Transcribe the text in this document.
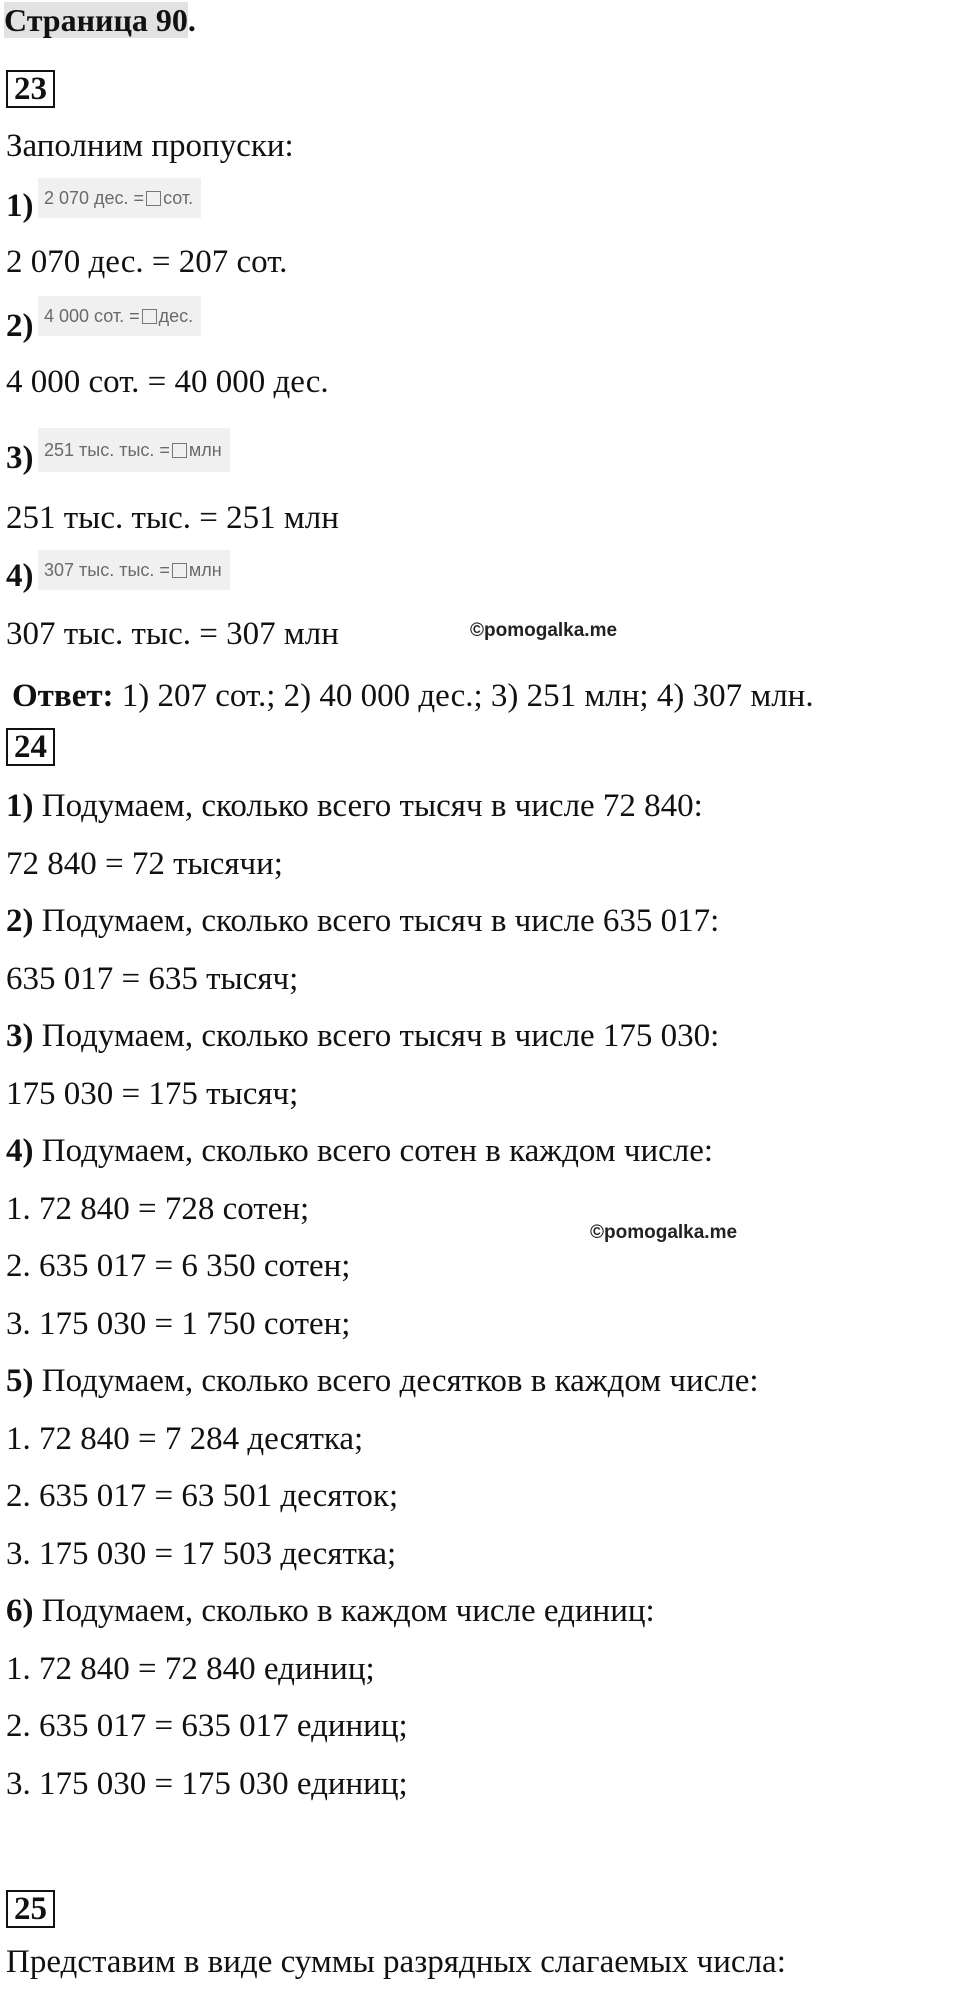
Страница 90.
23
Заполним пропуски:
1) 2 070 дес. = сот.
2 070 дес. = 207 сот.
2) 4 000 сот. = дес.
4 000 сот. = 40 000 дес.
3) 251 тыс. тыс. = млн
251 тыс. тыс. = 251 млн
4) 307 тыс. тыс. = млн
307 тыс. тыс. = 307 млн	©pomogalka.me
Ответ: 1) 207 сот.; 2) 40 000 дес.; 3) 251 млн; 4) 307 млн.
24
1) Подумаем, сколько всего тысяч в числе 72 840:
72 840 = 72 тысячи;
2) Подумаем, сколько всего тысяч в числе 635 017:
635 017 = 635 тысяч;
3) Подумаем, сколько всего тысяч в числе 175 030:
175 030 = 175 тысяч;
4) Подумаем, сколько всего сотен в каждом числе:
1. 72 840 = 728 сотен;
2. 635 017 = 6 350 сотен;
3. 175 030 = 1 750 сотен;
5) Подумаем, сколько всего десятков в каждом числе:
1. 72 840 = 7 284 десятка;
2. 635 017 = 63 501 десяток;
3. 175 030 = 17 503 десятка;
6) Подумаем, сколько в каждом числе единиц:
1. 72 840 = 72 840 единиц;
2. 635 017 = 635 017 единиц;
3. 175 030 = 175 030 единиц;
©pomogalka.me
25
Представим в виде суммы разрядных слагаемых числа:
